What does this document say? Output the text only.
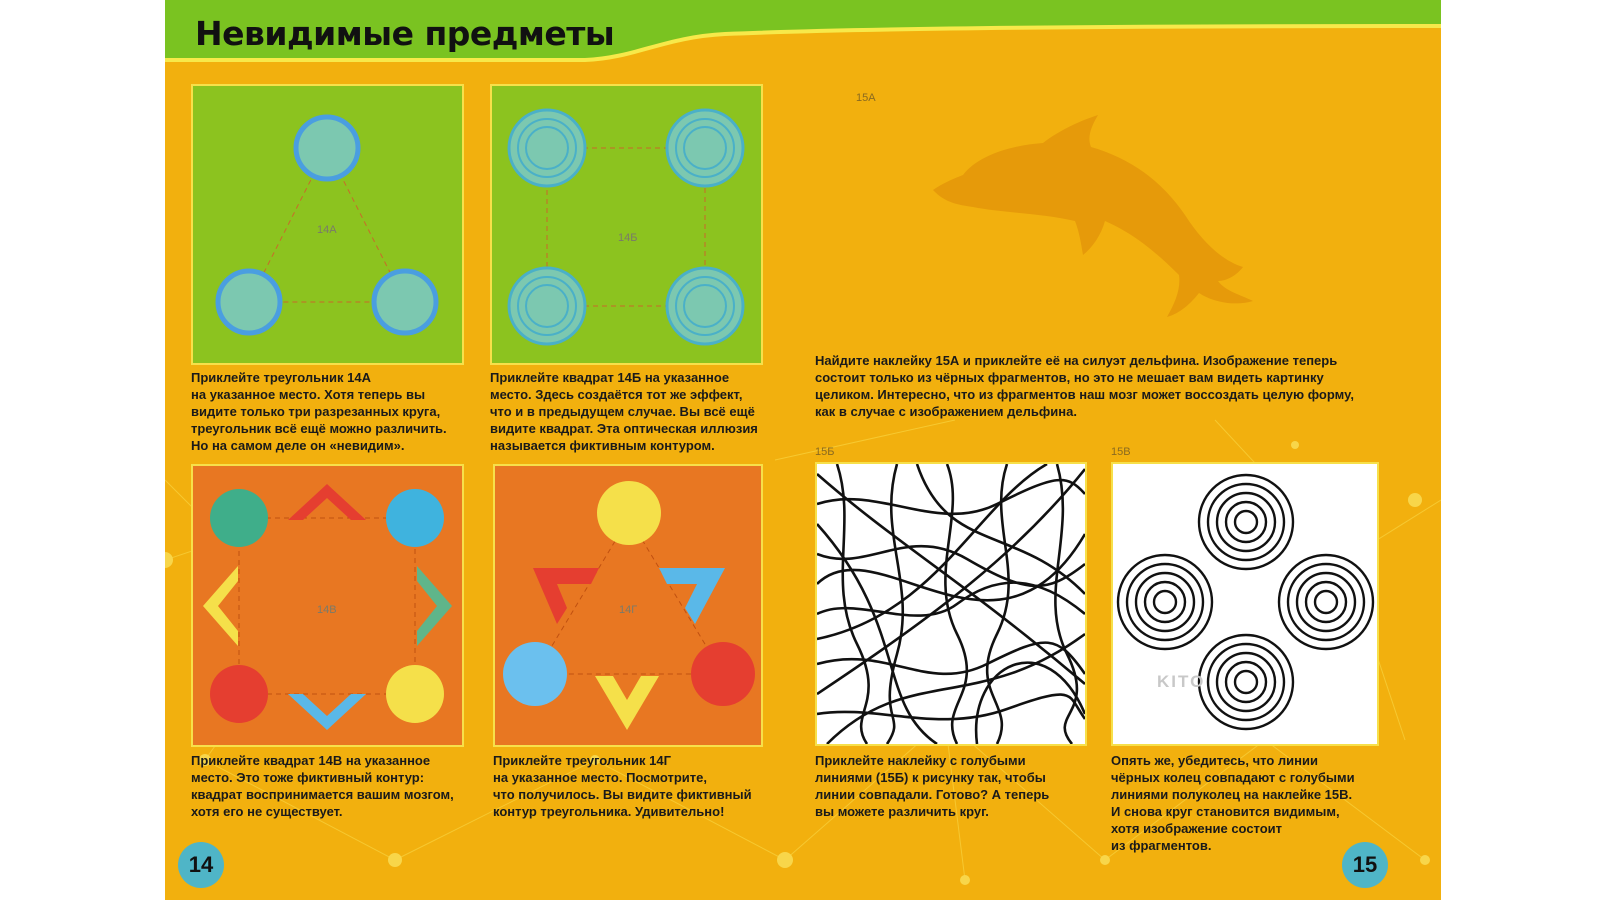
Невидимые предметы
14А
Приклейте треугольник 14А
на указанное место. Хотя теперь вы
видите только три разрезанных круга,
треугольник всё ещё можно различить.
Но на самом деле он «невидим».
14Б
Приклейте квадрат 14Б на указанное
место. Здесь создаётся тот же эффект,
что и в предыдущем случае. Вы всё ещё
видите квадрат. Эта оптическая иллюзия
называется фиктивным контуром.
14В
Приклейте квадрат 14В на указанное
место. Это тоже фиктивный контур:
квадрат воспринимается вашим мозгом,
хотя его не существует.
14Г
Приклейте треугольник 14Г
на указанное место. Посмотрите,
что получилось. Вы видите фиктивный
контур треугольника. Удивительно!
15А
Найдите наклейку 15А и приклейте её на силуэт дельфина. Изображение теперь
состоит только из чёрных фрагментов, но это не мешает вам видеть картинку
целиком. Интересно, что из фрагментов наш мозг может воссоздать целую форму,
как в случае с изображением дельфина.
15Б
Приклейте наклейку с голубыми
линиями (15Б) к рисунку так, чтобы
линии совпадали. Готово? А теперь
вы можете различить круг.
15В
KITO
Опять же, убедитесь, что линии
чёрных колец совпадают с голубыми
линиями полуколец на наклейке 15В.
И снова круг становится видимым,
хотя изображение состоит
из фрагментов.
14	15
